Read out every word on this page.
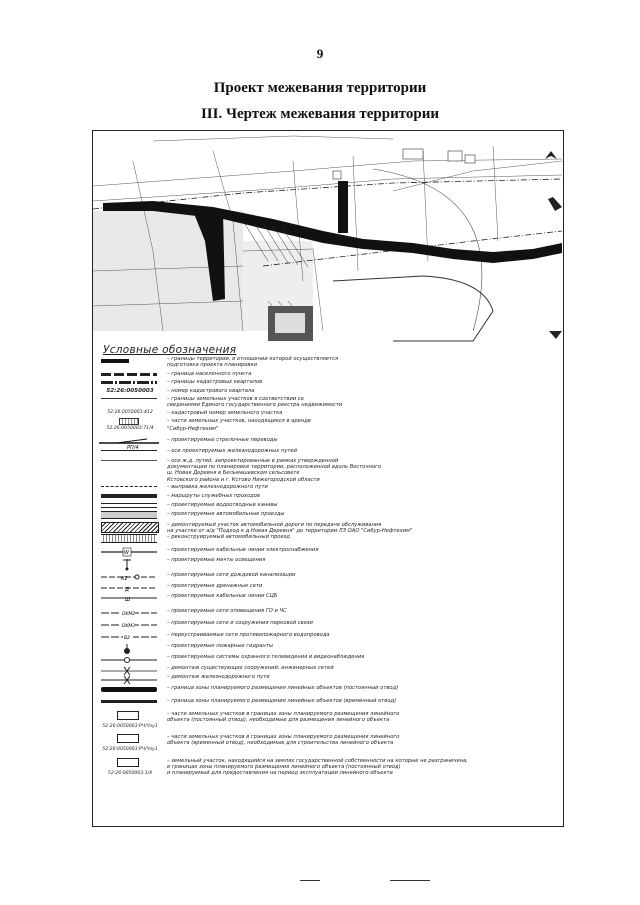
9
Проект межевания территории
III. Чертеж межевания территории
Условные обозначения
– границы территории, в отношении которой осуществляется
подготовка проекта планировки
– граница населенного пункта
– границы кадастровых кварталов
52:26:0050003	– номер кадастрового квартала
– границы земельных участков в соответствии со
сведениями Единого государственного реестра недвижимости
52:26:0050003:412	– кадастровый номер земельного участка
– части земельных участков, находящиеся в аренде
52:26:0050003:71/4	"Сибур-Нефтехим"
PП/4
– проектируемые стрелочные переводы
– оси проектируемых железнодорожных путей
– оси ж.д. путей, запроектированные в рамках утвержденной
документации по планировке территории, расположенной вдоль Восточного
ш. Новая Деревня в Бельмашевском сельсовете
Кстовского района и г. Кстово Нижегородской области
– выправка железнодорожного пути
– маршруты служебных проходов
– проектируемые водоотводные канавы
– проектируемые автомобильные проезды
– демонтируемый участок автомобильной дороги по передаче обслуживания
на участке от а/д "Подход к д.Новая Деревня" до территории ЛЗ ОАО "Сибур-Нефтехим"
– реконструируемый автомобильный проезд
W	– проектируемые кабельные линии электроснабжения
– проектируемые мачты освещения
К2
– проектируемые сети дождевой канализации
Д
– проектируемые дренажные сети
Ш
– проектируемые кабельные линии СЦБ
DKM2
– проектируемые сети оповещения ГО и ЧС
DKM3
– проектируемые сети и сооружения парковой связи
B2
– переустраиваемые сети противопожарного водопровода
– проектируемые пожарные гидранты
– проектируемые системы охранного телевидения и видеонаблюдения
– демонтаж существующих сооружений, инженерных сетей
– демонтаж железнодорожного пути
– граница зоны планируемого размещения линейных объектов (постоянный отвод)
– граница зоны планируемого размещения линейных объектов (временный отвод)
– части земельных участков в границах зоны планируемого размещения линейного
объекта (постоянный отвод), необходимые для размещения линейного объекта
52:26:0050003:РЧ/Чзу1
– части земельных участков в границах зоны планируемого размещения линейного
объекта (временный отвод), необходимые для строительства линейного объекта
52:26:0050003:РЧ/Чзу1
– земельный участок, находящийся на землях государственной собственности на которые не разграничена,
в границах зоны планируемого размещения линейного объекта (постоянный отвод)
и планируемый для предоставления на период эксплуатации линейного объекта
52:26:0050003:1/4
